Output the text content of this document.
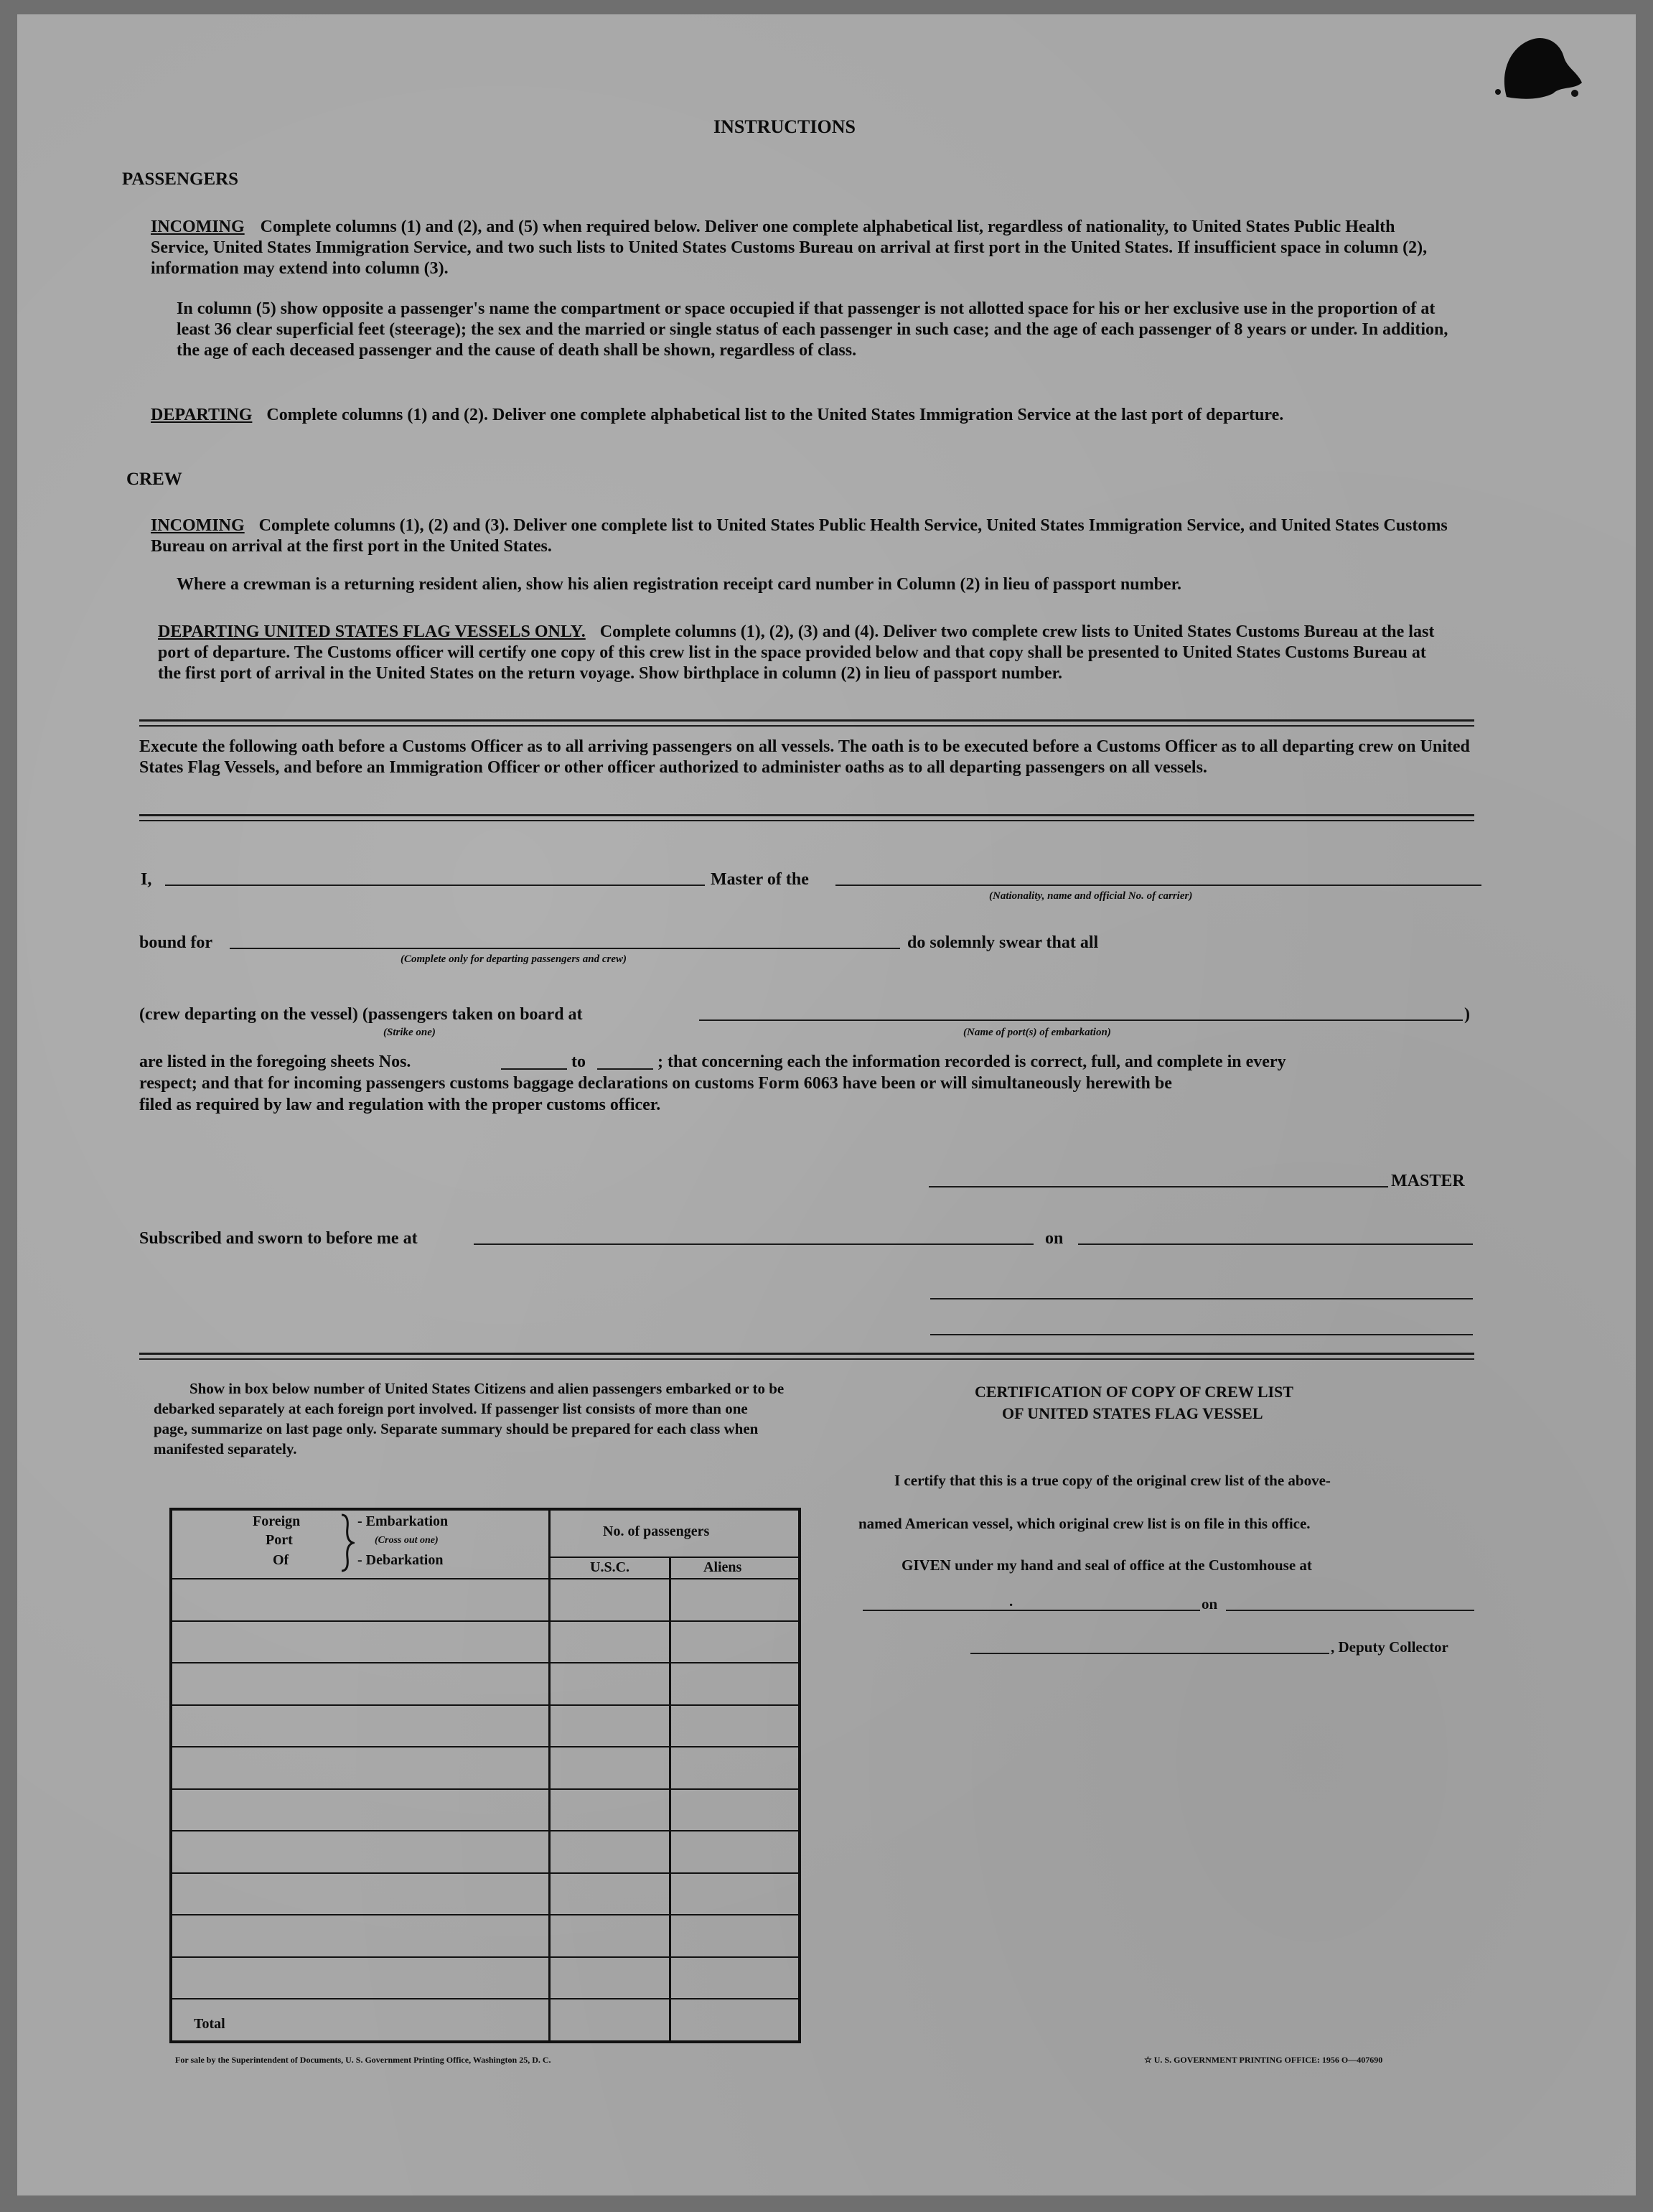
INSTRUCTIONS
PASSENGERS
INCOMING Complete columns (1) and (2), and (5) when required below. Deliver one complete alphabetical list, regardless of nationality, to United States Public Health Service, United States Immigration Service, and two such lists to United States Customs Bureau on arrival at first port in the United States. If insufficient space in column (2), information may extend into column (3).
In column (5) show opposite a passenger's name the compartment or space occupied if that passenger is not allotted space for his or her exclusive use in the proportion of at least 36 clear superficial feet (steerage); the sex and the married or single status of each passenger in such case; and the age of each passenger of 8 years or under. In addition, the age of each deceased passenger and the cause of death shall be shown, regardless of class.
DEPARTING Complete columns (1) and (2). Deliver one complete alphabetical list to the United States Immigration Service at the last port of departure.
CREW
INCOMING Complete columns (1), (2) and (3). Deliver one complete list to United States Public Health Service, United States Immigration Service, and United States Customs Bureau on arrival at the first port in the United States.
Where a crewman is a returning resident alien, show his alien registration receipt card number in Column (2) in lieu of passport number.
DEPARTING UNITED STATES FLAG VESSELS ONLY. Complete columns (1), (2), (3) and (4). Deliver two complete crew lists to United States Customs Bureau at the last port of departure. The Customs officer will certify one copy of this crew list in the space provided below and that copy shall be presented to United States Customs Bureau at the first port of arrival in the United States on the return voyage. Show birthplace in column (2) in lieu of passport number.
Execute the following oath before a Customs Officer as to all arriving passengers on all vessels. The oath is to be executed before a Customs Officer as to all departing crew on United States Flag Vessels, and before an Immigration Officer or other officer authorized to administer oaths as to all departing passengers on all vessels.
I,	Master of the
(Nationality, name and official No. of carrier)
bound for
(Complete only for departing passengers and crew)
do solemnly swear that all
(crew departing on the vessel) (passengers taken on board at
(Strike one)	(Name of port(s) of embarkation)
)
are listed in the foregoing sheets Nos.	to	; that concerning each the information recorded is correct, full, and complete in every
respect; and that for incoming passengers customs baggage declarations on customs Form 6063 have been or will simultaneously herewith be
filed as required by law and regulation with the proper customs officer.
MASTER
Subscribed and sworn to before me at	on
Show in box below number of United States Citizens and alien passengers embarked or to be debarked separately at each foreign port involved. If passenger list consists of more than one page, summarize on last page only. Separate summary should be prepared for each class when manifested separately.
Foreign
Port
Of
- Embarkation
(Cross out one)
- Debarkation
No. of passengers
U.S.C.	Aliens
Total
CERTIFICATION OF COPY OF CREW LIST
OF UNITED STATES FLAG VESSEL
I certify that this is a true copy of the original crew list of the above-
named American vessel, which original crew list is on file in this office.
GIVEN under my hand and seal of office at the Customhouse at
.	on
, Deputy Collector
For sale by the Superintendent of Documents, U. S. Government Printing Office, Washington 25, D. C.	☆ U. S. GOVERNMENT PRINTING OFFICE: 1956 O—407690
